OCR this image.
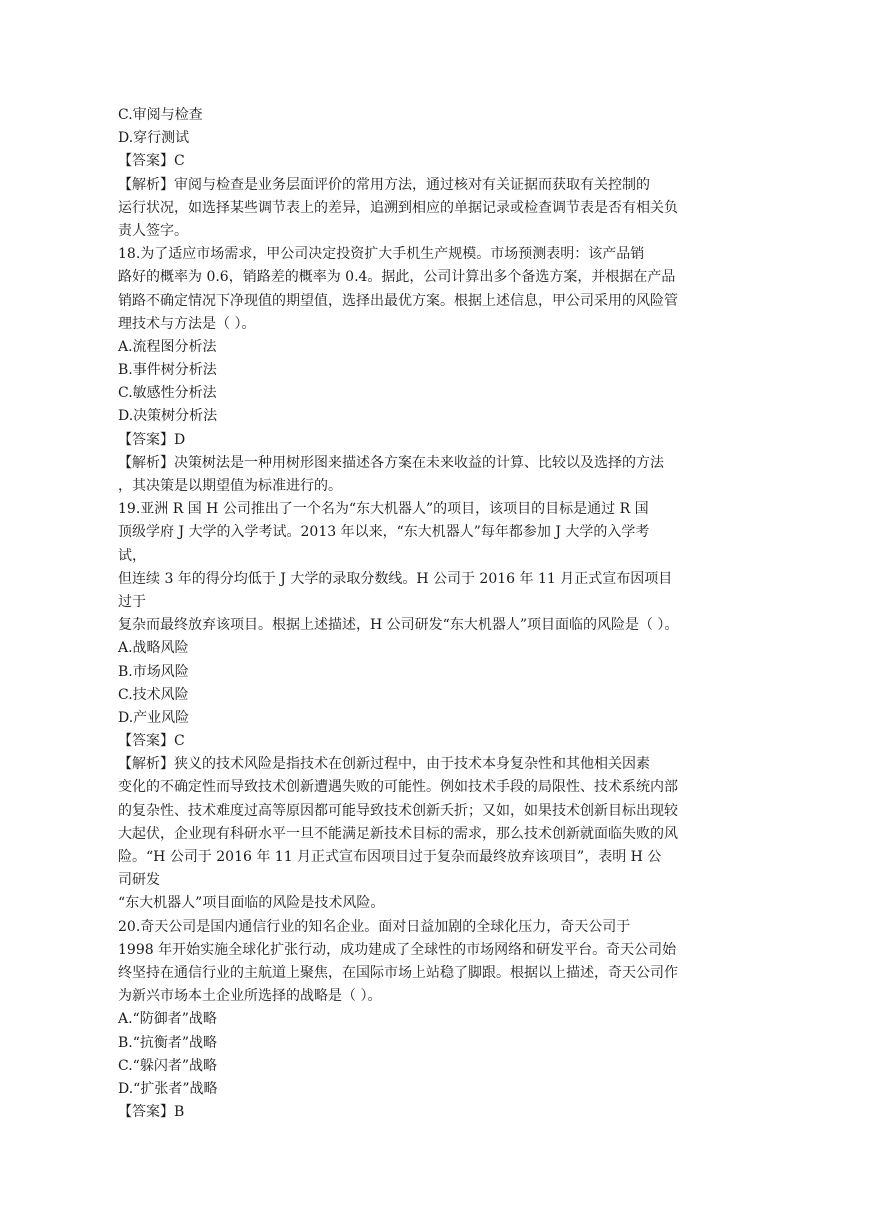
C.审阅与检查
D.穿行测试
【答案】C
【解析】审阅与检查是业务层面评价的常用方法，通过核对有关证据而获取有关控制的
运行状况，如选择某些调节表上的差异，追溯到相应的单据记录或检查调节表是否有相关负
责人签字。
18.为了适应市场需求，甲公司决定投资扩大手机生产规模。市场预测表明：该产品销
路好的概率为 0.6，销路差的概率为 0.4。据此，公司计算出多个备选方案，并根据在产品
销路不确定情况下净现值的期望值，选择出最优方案。根据上述信息，甲公司采用的风险管
理技术与方法是（ ）。
A.流程图分析法
B.事件树分析法
C.敏感性分析法
D.决策树分析法
【答案】D
【解析】决策树法是一种用树形图来描述各方案在未来收益的计算、比较以及选择的方法
，其决策是以期望值为标准进行的。
19.亚洲 R 国 H 公司推出了一个名为“东大机器人”的项目，该项目的目标是通过 R 国
顶级学府 J 大学的入学考试。2013 年以来，“东大机器人”每年都参加 J 大学的入学考
试，
但连续 3 年的得分均低于 J 大学的录取分数线。H 公司于 2016 年 11 月正式宣布因项目
过于
复杂而最终放弃该项目。根据上述描述，H 公司研发“东大机器人”项目面临的风险是（ ）。
A.战略风险
B.市场风险
C.技术风险
D.产业风险
【答案】C
【解析】狭义的技术风险是指技术在创新过程中，由于技术本身复杂性和其他相关因素
变化的不确定性而导致技术创新遭遇失败的可能性。例如技术手段的局限性、技术系统内部
的复杂性、技术难度过高等原因都可能导致技术创新夭折；又如，如果技术创新目标出现较
大起伏，企业现有科研水平一旦不能满足新技术目标的需求，那么技术创新就面临失败的风
险。“H 公司于 2016 年 11 月正式宣布因项目过于复杂而最终放弃该项目”，表明 H 公
司研发
“东大机器人”项目面临的风险是技术风险。
20.奇天公司是国内通信行业的知名企业。面对日益加剧的全球化压力，奇天公司于
1998 年开始实施全球化扩张行动，成功建成了全球性的市场网络和研发平台。奇天公司始
终坚持在通信行业的主航道上聚焦，在国际市场上站稳了脚跟。根据以上描述，奇天公司作
为新兴市场本土企业所选择的战略是（ ）。
A.“防御者”战略
B.“抗衡者”战略
C.“躲闪者”战略
D.“扩张者”战略
【答案】B
